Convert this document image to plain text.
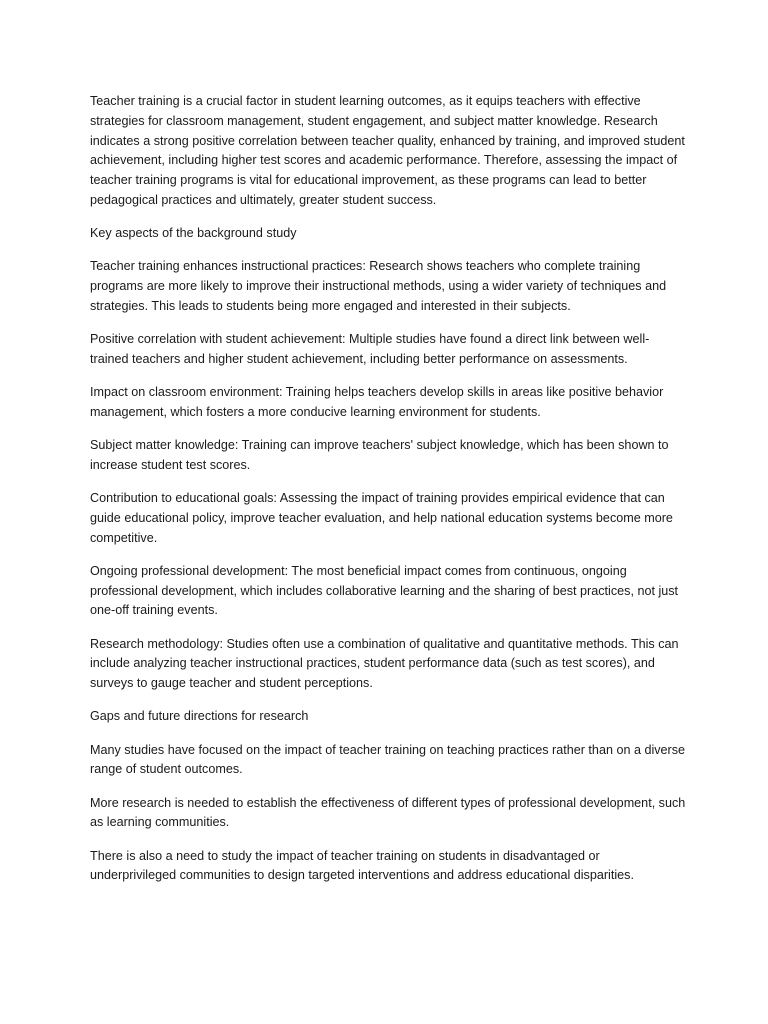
Teacher training is a crucial factor in student learning outcomes, as it equips teachers with effective strategies for classroom management, student engagement, and subject matter knowledge. Research indicates a strong positive correlation between teacher quality, enhanced by training, and improved student achievement, including higher test scores and academic performance. Therefore, assessing the impact of teacher training programs is vital for educational improvement, as these programs can lead to better pedagogical practices and ultimately, greater student success.

Key aspects of the background study

Teacher training enhances instructional practices: Research shows teachers who complete training programs are more likely to improve their instructional methods, using a wider variety of techniques and strategies. This leads to students being more engaged and interested in their subjects.

Positive correlation with student achievement: Multiple studies have found a direct link between well-trained teachers and higher student achievement, including better performance on assessments.

Impact on classroom environment: Training helps teachers develop skills in areas like positive behavior management, which fosters a more conducive learning environment for students.

Subject matter knowledge: Training can improve teachers' subject knowledge, which has been shown to increase student test scores.

Contribution to educational goals: Assessing the impact of training provides empirical evidence that can guide educational policy, improve teacher evaluation, and help national education systems become more competitive.

Ongoing professional development: The most beneficial impact comes from continuous, ongoing professional development, which includes collaborative learning and the sharing of best practices, not just one-off training events.

Research methodology: Studies often use a combination of qualitative and quantitative methods. This can include analyzing teacher instructional practices, student performance data (such as test scores), and surveys to gauge teacher and student perceptions.

Gaps and future directions for research

Many studies have focused on the impact of teacher training on teaching practices rather than on a diverse range of student outcomes.

More research is needed to establish the effectiveness of different types of professional development, such as learning communities.

There is also a need to study the impact of teacher training on students in disadvantaged or underprivileged communities to design targeted interventions and address educational disparities.
